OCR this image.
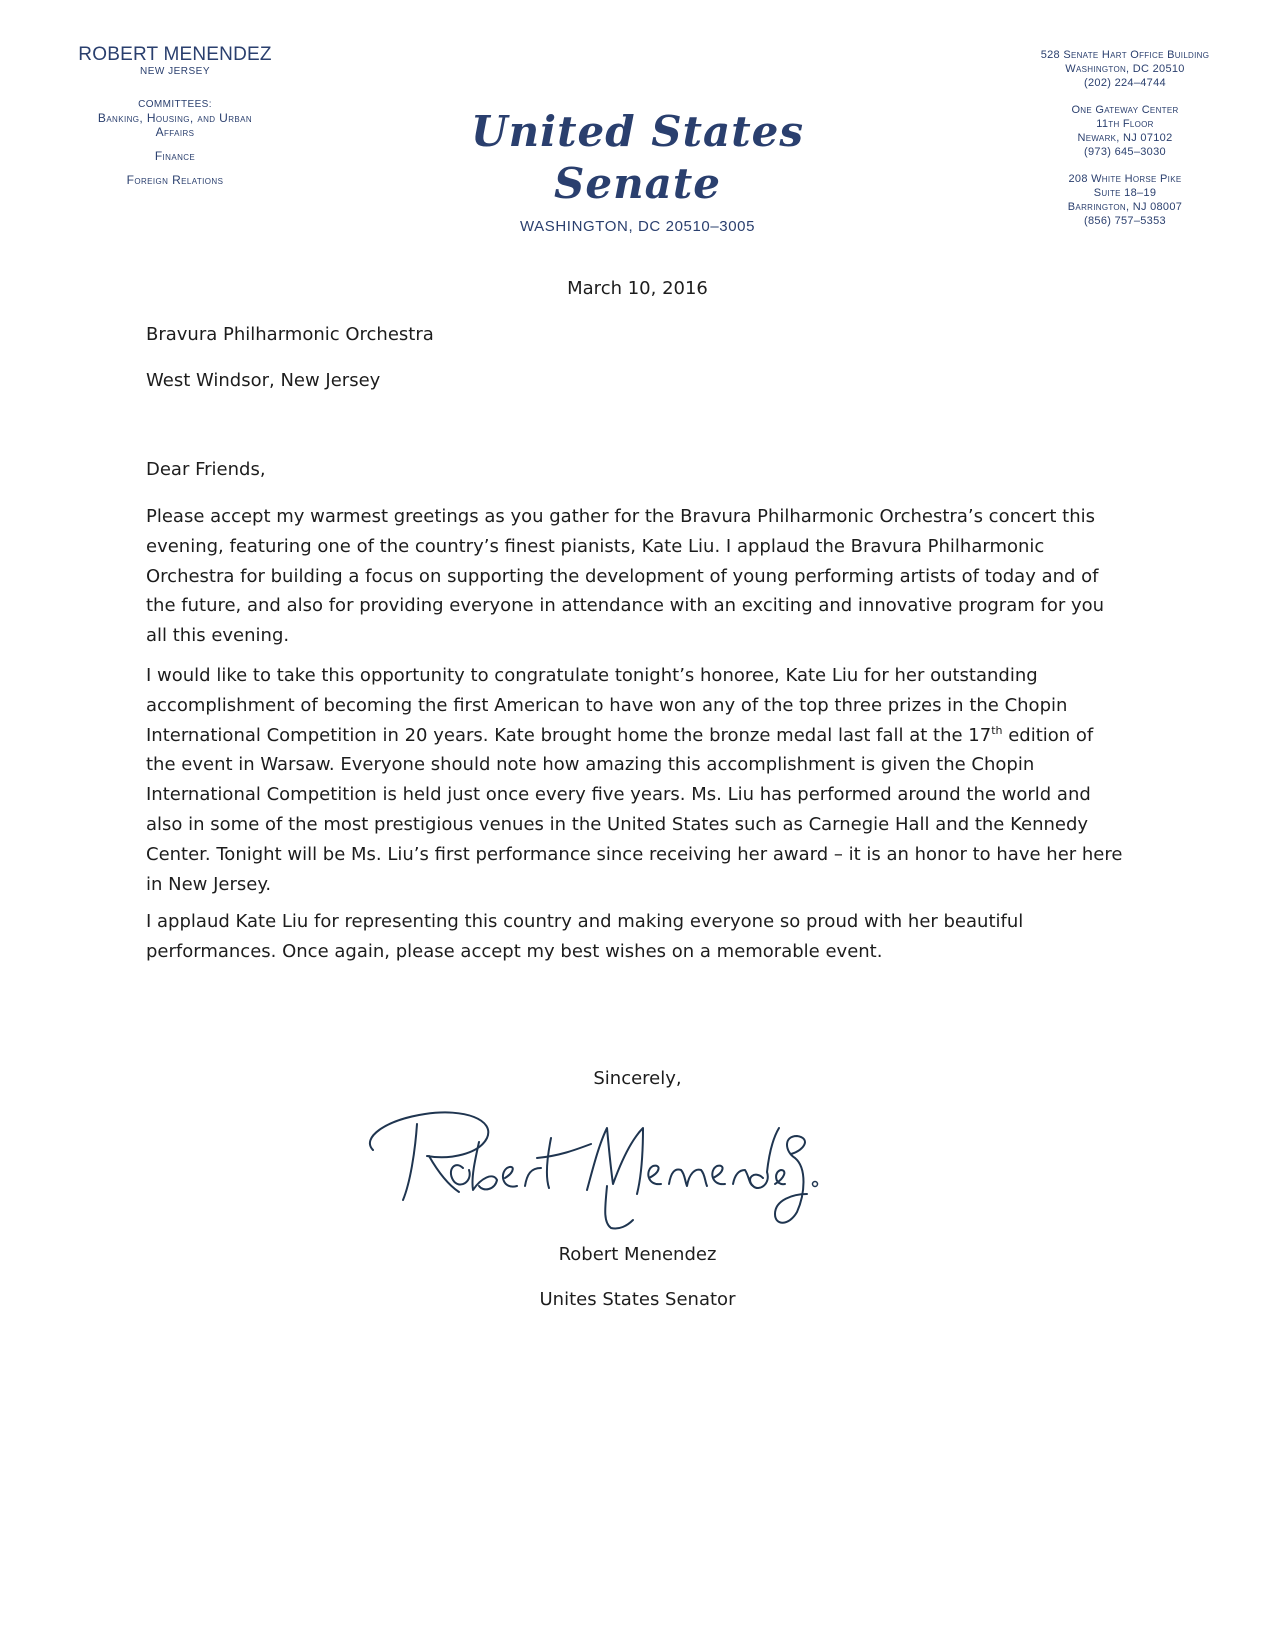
ROBERT MENENDEZ
NEW JERSEY
COMMITTEES:
Banking, Housing, and Urban
Affairs
Finance
Foreign Relations
United States Senate
WASHINGTON, DC 20510–3005
528 Senate Hart Office Building
Washington, DC 20510
(202) 224–4744
One Gateway Center
11th Floor
Newark, NJ 07102
(973) 645–3030
208 White Horse Pike
Suite 18–19
Barrington, NJ 08007
(856) 757–5353
March 10, 2016
Bravura Philharmonic Orchestra
West Windsor, New Jersey
Dear Friends,

Please accept my warmest greetings as you gather for the Bravura Philharmonic Orchestra’s concert this evening, featuring one of the country’s finest pianists, Kate Liu. I applaud the Bravura Philharmonic Orchestra for building a focus on supporting the development of young performing artists of today and of the future, and also for providing everyone in attendance with an exciting and innovative program for you all this evening.

I would like to take this opportunity to congratulate tonight’s honoree, Kate Liu for her outstanding accomplishment of becoming the first American to have won any of the top three prizes in the Chopin International Competition in 20 years. Kate brought home the bronze medal last fall at the 17th edition of the event in Warsaw. Everyone should note how amazing this accomplishment is given the Chopin International Competition is held just once every five years. Ms. Liu has performed around the world and also in some of the most prestigious venues in the United States such as Carnegie Hall and the Kennedy Center. Tonight will be Ms. Liu’s first performance since receiving her award – it is an honor to have her here in New Jersey.

I applaud Kate Liu for representing this country and making everyone so proud with her beautiful performances. Once again, please accept my best wishes on a memorable event.

Sincerely,
Robert Menendez
Unites States Senator
